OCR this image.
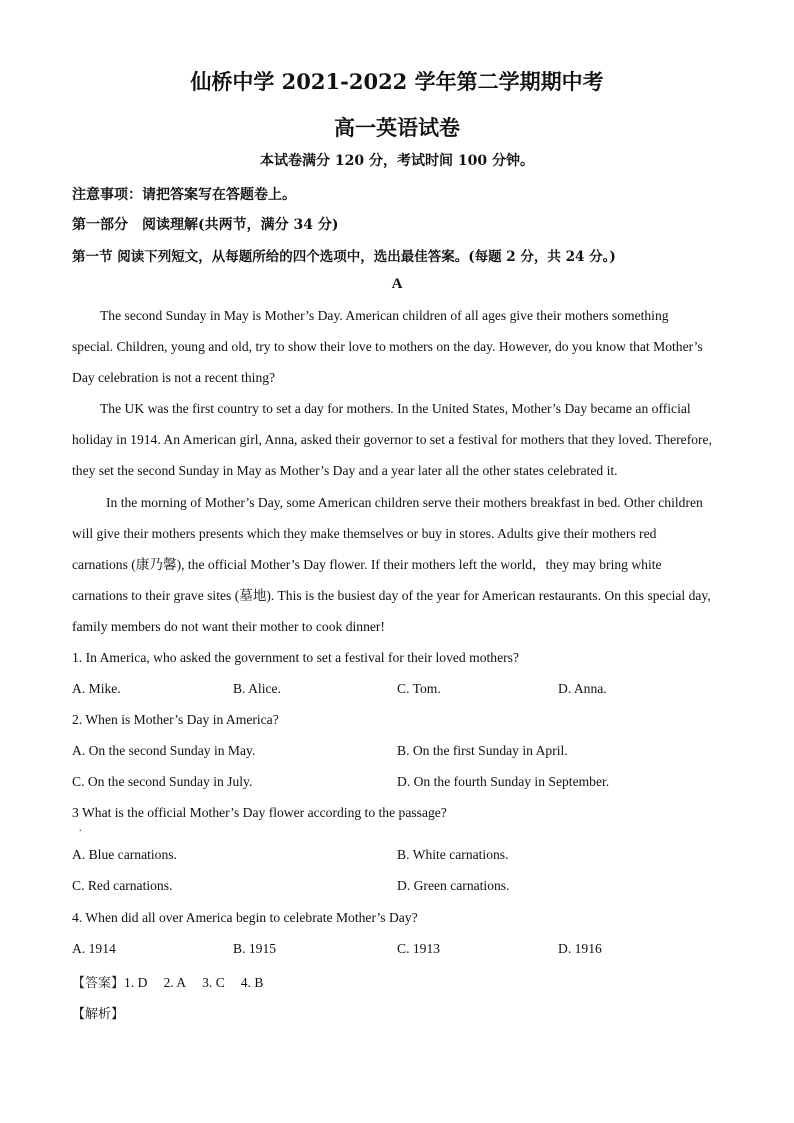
仙桥中学 2021-2022 学年第二学期期中考
高一英语试卷
本试卷满分 120 分，考试时间 100 分钟。
注意事项：请把答案写在答题卷上。
第一部分　阅读理解(共两节，满分 34 分)
第一节 阅读下列短文，从每题所给的四个选项中，选出最佳答案。(每题 2 分，共 24 分。)
A

The second Sunday in May is Mother’s Day. American children of all ages give their mothers something special. Children, young and old, try to show their love to mothers on the day. However, do you know that Mother’s Day celebration is not a recent thing?

The UK was the first country to set a day for mothers. In the United States, Mother’s Day became an official holiday in 1914. An American girl, Anna, asked their governor to set a festival for mothers that they loved. Therefore, they set the second Sunday in May as Mother’s Day and a year later all the other states celebrated it.

In the morning of Mother’s Day, some American children serve their mothers breakfast in bed. Other children will give their mothers presents which they make themselves or buy in stores. Adults give their mothers red carnations (康乃馨), the official Mother’s Day flower. If their mothers left the world，they may bring white carnations to their grave sites (墓地). This is the busiest day of the year for American restaurants. On this special day, family members do not want their mother to cook dinner!

1. In America, who asked the government to set a festival for their loved mothers?
A. Mike.	B. Alice.	C. Tom.	D. Anna.
2. When is Mother’s Day in America?
A. On the second Sunday in May.	B. On the first Sunday in April.
C. On the second Sunday in July.	D. On the fourth Sunday in September.
3 What is the official Mother’s Day flower according to the passage?
.
A. Blue carnations.	B. White carnations.
C. Red carnations.	D. Green carnations.
4. When did all over America begin to celebrate Mother’s Day?
A. 1914	B. 1915	C. 1913	D. 1916
【答案】1. D 2. A 3. C 4. B
【解析】
